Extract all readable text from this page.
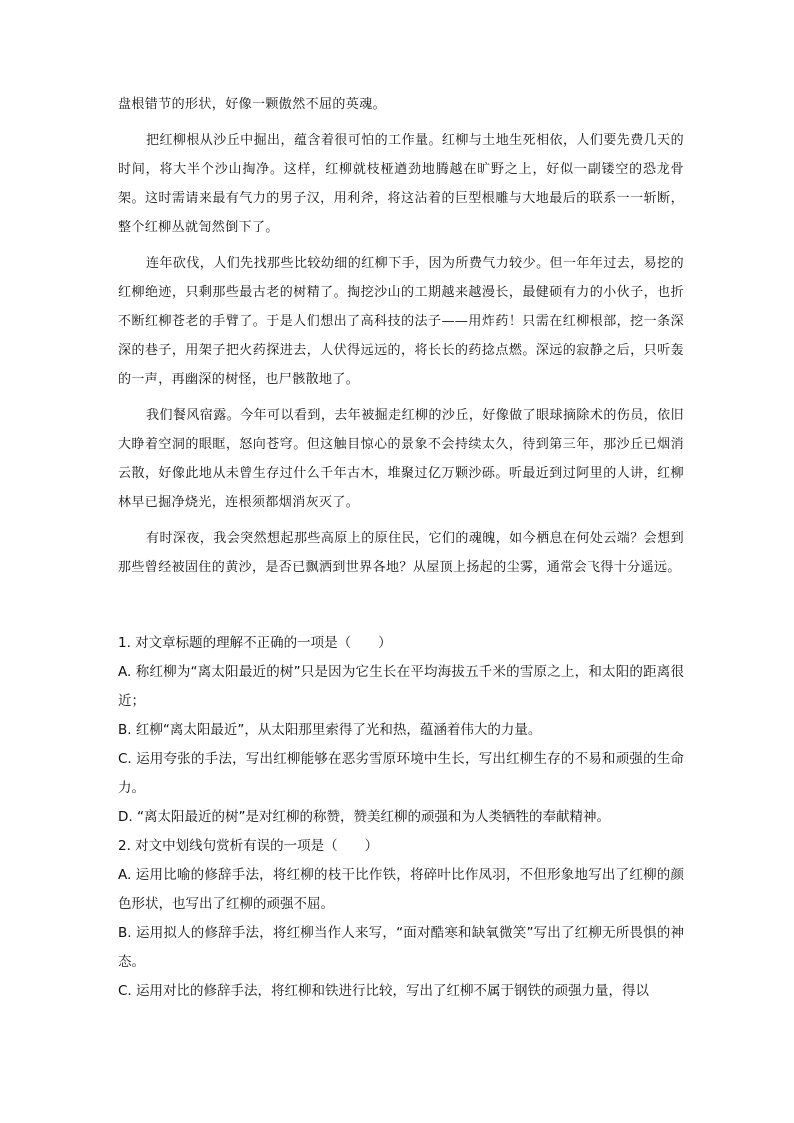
盘根错节的形状，好像一颗傲然不屈的英魂。

把红柳根从沙丘中掘出，蕴含着很可怕的工作量。红柳与土地生死相依，人们要先费几天的时间，将大半个沙山掏净。这样，红柳就枝桠遒劲地腾越在旷野之上，好似一副镂空的恐龙骨架。这时需请来最有气力的男子汉，用利斧，将这沾着的巨型根雕与大地最后的联系一一斩断，整个红柳丛就訇然倒下了。

连年砍伐，人们先找那些比较幼细的红柳下手，因为所费气力较少。但一年年过去，易挖的红柳绝迹，只剩那些最古老的树精了。掏挖沙山的工期越来越漫长，最健硕有力的小伙子，也折不断红柳苍老的手臂了。于是人们想出了高科技的法子——用炸药！只需在红柳根部，挖一条深深的巷子，用架子把火药探进去，人伏得远远的，将长长的药捻点燃。深远的寂静之后，只听轰的一声，再幽深的树怪，也尸骸散地了。

我们餐风宿露。今年可以看到，去年被掘走红柳的沙丘，好像做了眼球摘除术的伤员，依旧大睁着空洞的眼眶，怒向苍穹。但这触目惊心的景象不会持续太久，待到第三年，那沙丘已烟消云散，好像此地从未曾生存过什么千年古木，堆聚过亿万颗沙砾。听最近到过阿里的人讲，红柳林早已掘净烧光，连根须都烟消灰灭了。

有时深夜，我会突然想起那些高原上的原住民，它们的魂魄，如今栖息在何处云端？会想到那些曾经被固住的黄沙，是否已飘洒到世界各地？从屋顶上扬起的尘雾，通常会飞得十分遥远。

1. 对文章标题的理解不正确的一项是（　　）

A. 称红柳为“离太阳最近的树”只是因为它生长在平均海拔五千米的雪原之上，和太阳的距离很近；

B. 红柳“离太阳最近”，从太阳那里索得了光和热，蕴涵着伟大的力量。

C. 运用夸张的手法，写出红柳能够在恶劣雪原环境中生长，写出红柳生存的不易和顽强的生命力。

D. “离太阳最近的树”是对红柳的称赞，赞美红柳的顽强和为人类牺牲的奉献精神。

2. 对文中划线句赏析有误的一项是（　　）

A. 运用比喻的修辞手法，将红柳的枝干比作铁，将碎叶比作凤羽，不但形象地写出了红柳的颜色形状，也写出了红柳的顽强不屈。

B. 运用拟人的修辞手法，将红柳当作人来写，“面对酷寒和缺氧微笑”写出了红柳无所畏惧的神态。

C. 运用对比的修辞手法，将红柳和铁进行比较，写出了红柳不属于钢铁的顽强力量，得以
